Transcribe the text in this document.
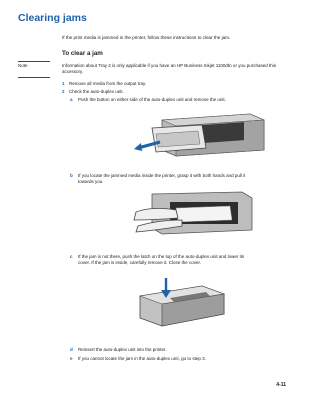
Clearing jams
If the print media is jammed in the printer, follow these instructions to clear the jam.
To clear a jam
Note	Information about Tray 2 is only applicable if you have an HP Business Inkjet 1100dtn or you purchased this accessory.
1 Remove all media from the output tray.
2 Check the auto-duplex unit.
a Push the button on either side of the auto-duplex unit and remove the unit.
b If you locate the jammed media inside the printer, grasp it with both hands and pull it
towards you.
c If the jam is not there, push the latch on the top of the auto-duplex unit and lower its
cover. If the jam is inside, carefully remove it. Close the cover.
d Reinsert the auto-duplex unit into the printer.
e If you cannot locate the jam in the auto-duplex unit, go to step 3.
4-11
